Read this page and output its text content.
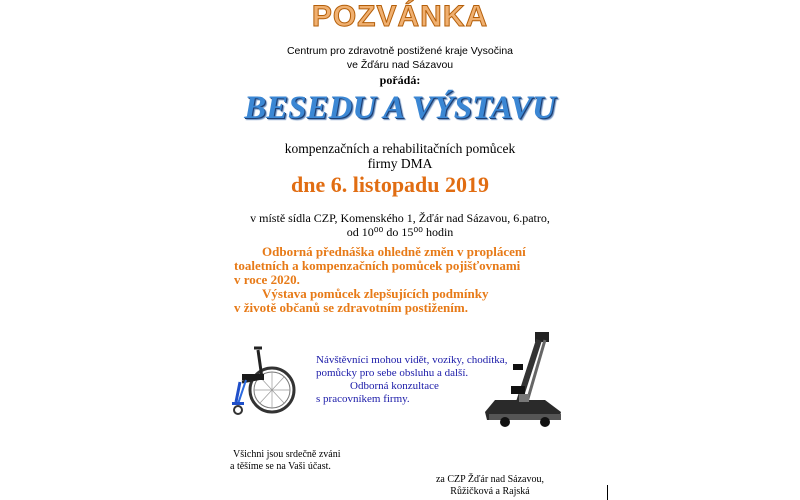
POZVÁNKA
Centrum pro zdravotně postižené kraje Vysočina
ve Žďáru nad Sázavou
pořádá:
BESEDU A VÝSTAVU
kompenzačních a rehabilitačních pomůcek
firmy DMA
dne 6. listopadu 2019
v místě sídla CZP, Komenského 1, Žďár nad Sázavou, 6.patro,
od 10⁰⁰ do 15⁰⁰ hodin
Odborná přednáška ohledně změn v proplácení
toaletních a kompenzačních pomůcek pojišťovnami
v roce 2020.
Výstava pomůcek zlepšujících podmínky
v životě občanů se zdravotním postižením.
Návštěvníci mohou vidět, vozíky, chodítka,
pomůcky pro sebe obsluhu a další.
Odborná konzultace
s pracovníkem firmy.
Všichni jsou srdečně zváni
a těšíme se na Vaši účast.
za CZP Žďár nad Sázavou,
Růžičková a Rajská
